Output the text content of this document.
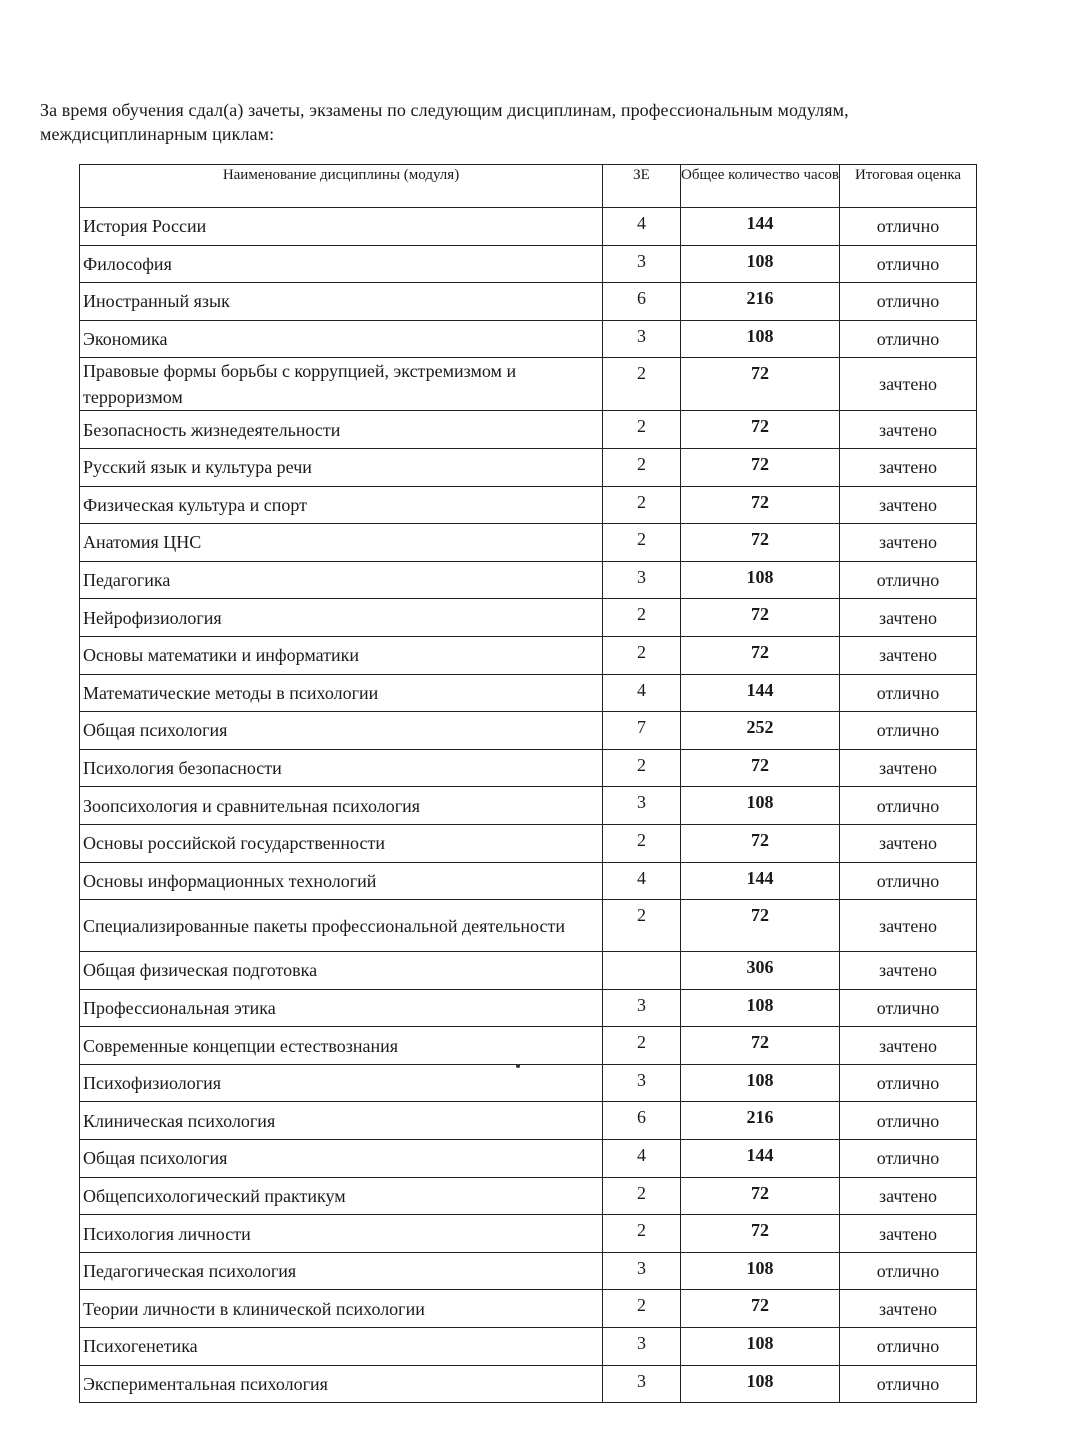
За время обучения сдал(а) зачеты, экзамены по следующим дисциплинам, профессиональным модулям,
междисциплинарным циклам:
Наименование дисциплины (модуля)	ЗЕ	Общее количество часов	Итоговая оценка
История России	4	144	отлично
Философия	3	108	отлично
Иностранный язык	6	216	отлично
Экономика	3	108	отлично
Правовые формы борьбы с коррупцией, экстремизмом и терроризмом	2	72	зачтено
Безопасность жизнедеятельности	2	72	зачтено
Русский язык и культура речи	2	72	зачтено
Физическая культура и спорт	2	72	зачтено
Анатомия ЦНС	2	72	зачтено
Педагогика	3	108	отлично
Нейрофизиология	2	72	зачтено
Основы математики и информатики	2	72	зачтено
Математические методы в психологии	4	144	отлично
Общая психология	7	252	отлично
Психология безопасности	2	72	зачтено
Зоопсихология и сравнительная психология	3	108	отлично
Основы российской государственности	2	72	зачтено
Основы информационных технологий	4	144	отлично
Специализированные пакеты профессиональной деятельности	2	72	зачтено
Общая физическая подготовка		306	зачтено
Профессиональная этика	3	108	отлично
Современные концепции естествознания	2	72	зачтено
Психофизиология	3	108	отлично
Клиническая психология	6	216	отлично
Общая психология	4	144	отлично
Общепсихологический практикум	2	72	зачтено
Психология личности	2	72	зачтено
Педагогическая психология	3	108	отлично
Теории личности в клинической психологии	2	72	зачтено
Психогенетика	3	108	отлично
Экспериментальная психология	3	108	отлично
